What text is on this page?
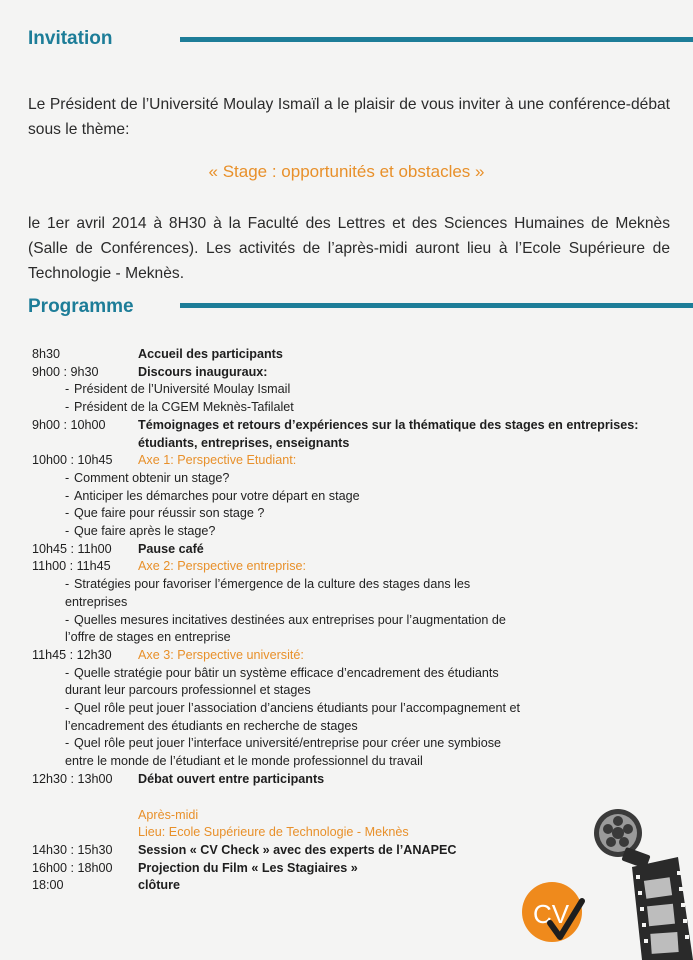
Invitation
Le Président de l’Université Moulay Ismaïl a le plaisir de vous inviter à une conférence-débat sous le thème:
« Stage : opportunités et obstacles »
le 1er avril 2014 à 8H30 à la Faculté des Lettres et des Sciences Humaines de Meknès (Salle de Conférences). Les activités de l’après-midi auront lieu à l’Ecole Supérieure de Technologie - Meknès.
Programme
8h30	Accueil des participants
9h00 : 9h30	Discours inauguraux:
- Président de l’Université Moulay Ismail
- Président de la CGEM Meknès-Tafilalet
9h00 : 10h00	Témoignages et retours d’expériences sur la thématique des stages en entreprises: étudiants, entreprises, enseignants
10h00 : 10h45	Axe 1: Perspective Etudiant:
- Comment obtenir un stage?
- Anticiper les démarches pour votre départ en stage
- Que faire pour réussir son stage ?
- Que faire après le stage?
10h45 : 11h00	Pause café
11h00 : 11h45	Axe 2: Perspective entreprise:
- Stratégies pour favoriser l’émergence de la culture des stages dans les
entreprises
- Quelles mesures incitatives destinées aux entreprises pour l’augmentation de
l’offre de stages en entreprise
11h45 : 12h30	Axe 3: Perspective université:
- Quelle stratégie pour bâtir un système efficace d’encadrement des étudiants
durant leur parcours professionnel et stages
- Quel rôle peut jouer l’association d’anciens étudiants pour l’accompagnement et
l’encadrement des étudiants en recherche de stages
- Quel rôle peut jouer l’interface université/entreprise pour créer une symbiose
entre le monde de l’étudiant et le monde professionnel du travail
12h30 : 13h00	Débat ouvert entre participants
Après-midi
Lieu: Ecole Supérieure de Technologie - Meknès
14h30 : 15h30	Session « CV Check » avec des experts de l’ANAPEC
16h00 : 18h00	Projection du Film « Les Stagiaires »
18:00	clôture
CV
